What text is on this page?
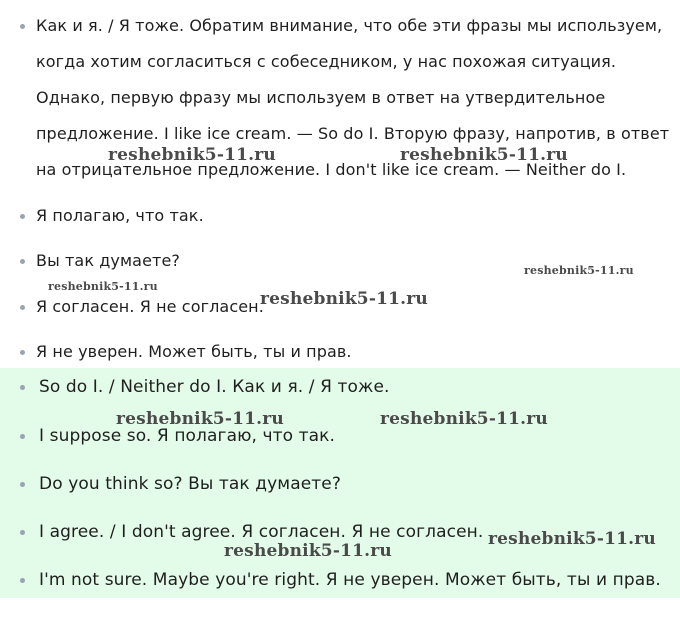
Как и я. / Я тоже. Обратим внимание, что обе эти фразы мы используем, когда хотим согласиться с собеседником, у нас похожая ситуация. Однако, первую фразу мы используем в ответ на утвердительное предложение. I like ice cream. — So do I. Вторую фразу, напротив, в ответ на отрицательное предложение. I don't like ice cream. — Neither do I.
Я полагаю, что так.
Вы так думаете?
Я согласен. Я не согласен.
Я не уверен. Может быть, ты и прав.
So do I. / Neither do I. Как и я. / Я тоже.
I suppose so. Я полагаю, что так.
Do you think so? Вы так думаете?
I agree. / I don't agree. Я согласен. Я не согласен.
I'm not sure. Maybe you're right. Я не уверен. Может быть, ты и прав.
reshebnik5-11.ru	reshebnik5-11.ru
reshebnik5-11.ru
reshebnik5-11.ru
reshebnik5-11.ru
reshebnik5-11.ru	reshebnik5-11.ru
reshebnik5-11.ru
reshebnik5-11.ru
